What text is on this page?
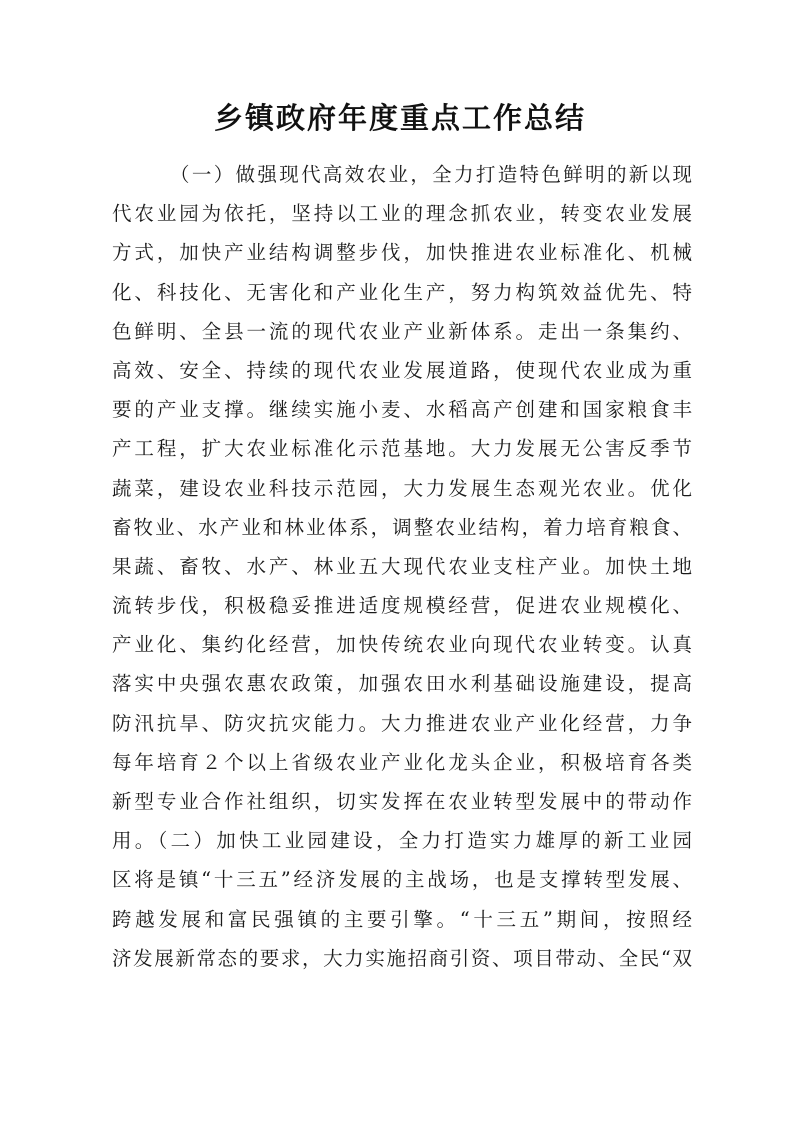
乡镇政府年度重点工作总结
（一）做强现代高效农业，全力打造特色鲜明的新以现
代农业园为依托，坚持以工业的理念抓农业，转变农业发展
方式，加快产业结构调整步伐，加快推进农业标准化、机械
化、科技化、无害化和产业化生产，努力构筑效益优先、特
色鲜明、全县一流的现代农业产业新体系。走出一条集约、
高效、安全、持续的现代农业发展道路，使现代农业成为重
要的产业支撑。继续实施小麦、水稻高产创建和国家粮食丰
产工程，扩大农业标准化示范基地。大力发展无公害反季节
蔬菜，建设农业科技示范园，大力发展生态观光农业。优化
畜牧业、水产业和林业体系，调整农业结构，着力培育粮食、
果蔬、畜牧、水产、林业五大现代农业支柱产业。加快土地
流转步伐，积极稳妥推进适度规模经营，促进农业规模化、
产业化、集约化经营，加快传统农业向现代农业转变。认真
落实中央强农惠农政策，加强农田水利基础设施建设，提高
防汛抗旱、防灾抗灾能力。大力推进农业产业化经营，力争
每年培育２个以上省级农业产业化龙头企业，积极培育各类
新型专业合作社组织，切实发挥在农业转型发展中的带动作
用。（二）加快工业园建设，全力打造实力雄厚的新工业园
区将是镇“十三五”经济发展的主战场，也是支撑转型发展、
跨越发展和富民强镇的主要引擎。“十三五”期间，按照经
济发展新常态的要求，大力实施招商引资、项目带动、全民“双
